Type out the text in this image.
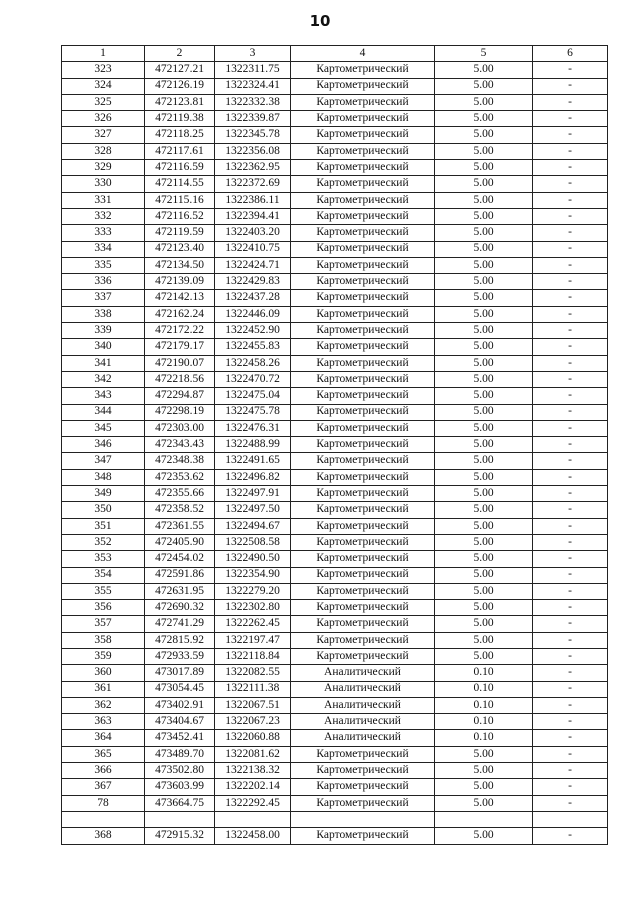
10
1	2	3	4	5	6
323	472127.21	1322311.75	Картометрический	5.00	-
324	472126.19	1322324.41	Картометрический	5.00	-
325	472123.81	1322332.38	Картометрический	5.00	-
326	472119.38	1322339.87	Картометрический	5.00	-
327	472118.25	1322345.78	Картометрический	5.00	-
328	472117.61	1322356.08	Картометрический	5.00	-
329	472116.59	1322362.95	Картометрический	5.00	-
330	472114.55	1322372.69	Картометрический	5.00	-
331	472115.16	1322386.11	Картометрический	5.00	-
332	472116.52	1322394.41	Картометрический	5.00	-
333	472119.59	1322403.20	Картометрический	5.00	-
334	472123.40	1322410.75	Картометрический	5.00	-
335	472134.50	1322424.71	Картометрический	5.00	-
336	472139.09	1322429.83	Картометрический	5.00	-
337	472142.13	1322437.28	Картометрический	5.00	-
338	472162.24	1322446.09	Картометрический	5.00	-
339	472172.22	1322452.90	Картометрический	5.00	-
340	472179.17	1322455.83	Картометрический	5.00	-
341	472190.07	1322458.26	Картометрический	5.00	-
342	472218.56	1322470.72	Картометрический	5.00	-
343	472294.87	1322475.04	Картометрический	5.00	-
344	472298.19	1322475.78	Картометрический	5.00	-
345	472303.00	1322476.31	Картометрический	5.00	-
346	472343.43	1322488.99	Картометрический	5.00	-
347	472348.38	1322491.65	Картометрический	5.00	-
348	472353.62	1322496.82	Картометрический	5.00	-
349	472355.66	1322497.91	Картометрический	5.00	-
350	472358.52	1322497.50	Картометрический	5.00	-
351	472361.55	1322494.67	Картометрический	5.00	-
352	472405.90	1322508.58	Картометрический	5.00	-
353	472454.02	1322490.50	Картометрический	5.00	-
354	472591.86	1322354.90	Картометрический	5.00	-
355	472631.95	1322279.20	Картометрический	5.00	-
356	472690.32	1322302.80	Картометрический	5.00	-
357	472741.29	1322262.45	Картометрический	5.00	-
358	472815.92	1322197.47	Картометрический	5.00	-
359	472933.59	1322118.84	Картометрический	5.00	-
360	473017.89	1322082.55	Аналитический	0.10	-
361	473054.45	1322111.38	Аналитический	0.10	-
362	473402.91	1322067.51	Аналитический	0.10	-
363	473404.67	1322067.23	Аналитический	0.10	-
364	473452.41	1322060.88	Аналитический	0.10	-
365	473489.70	1322081.62	Картометрический	5.00	-
366	473502.80	1322138.32	Картометрический	5.00	-
367	473603.99	1322202.14	Картометрический	5.00	-
78	473664.75	1322292.45	Картометрический	5.00	-

368	472915.32	1322458.00	Картометрический	5.00	-
